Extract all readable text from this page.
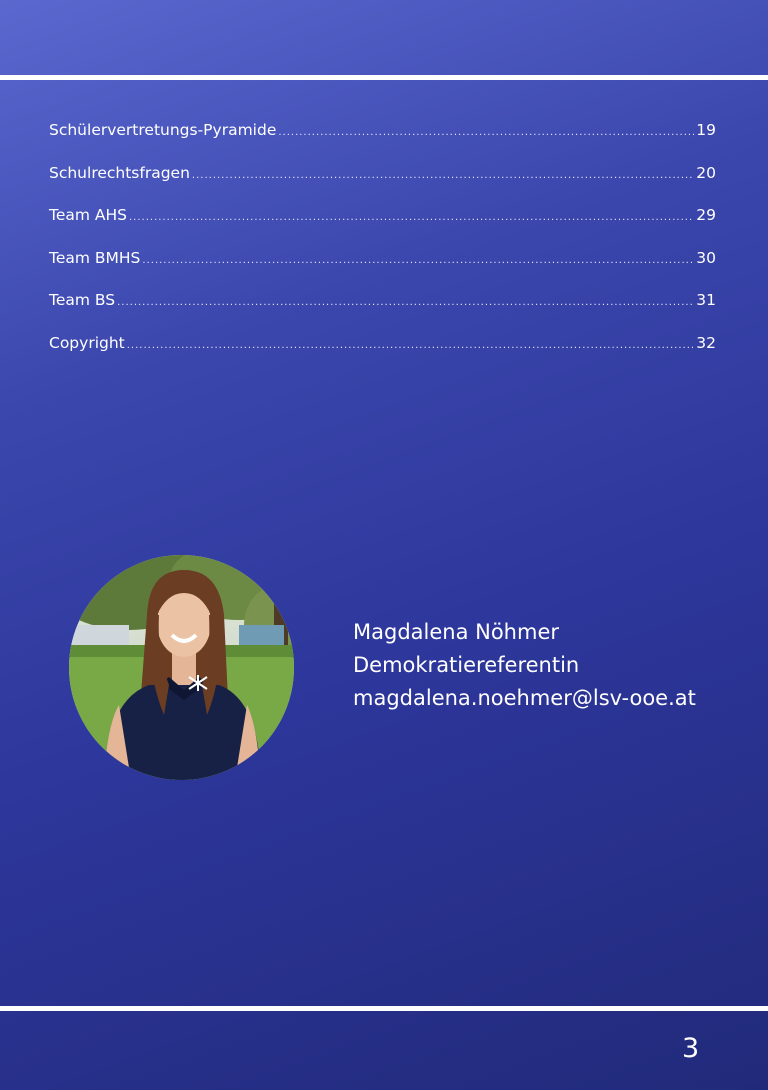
Schülervertretungs-Pyramide .....	19
Schulrechtsfragen .....	20
Team AHS .....	29
Team BMHS .....	30
Team BS .....	31
Copyright .....	32
Magdalena Nöhmer
Demokratiereferentin
magdalena.noehmer@lsv-ooe.at
3
